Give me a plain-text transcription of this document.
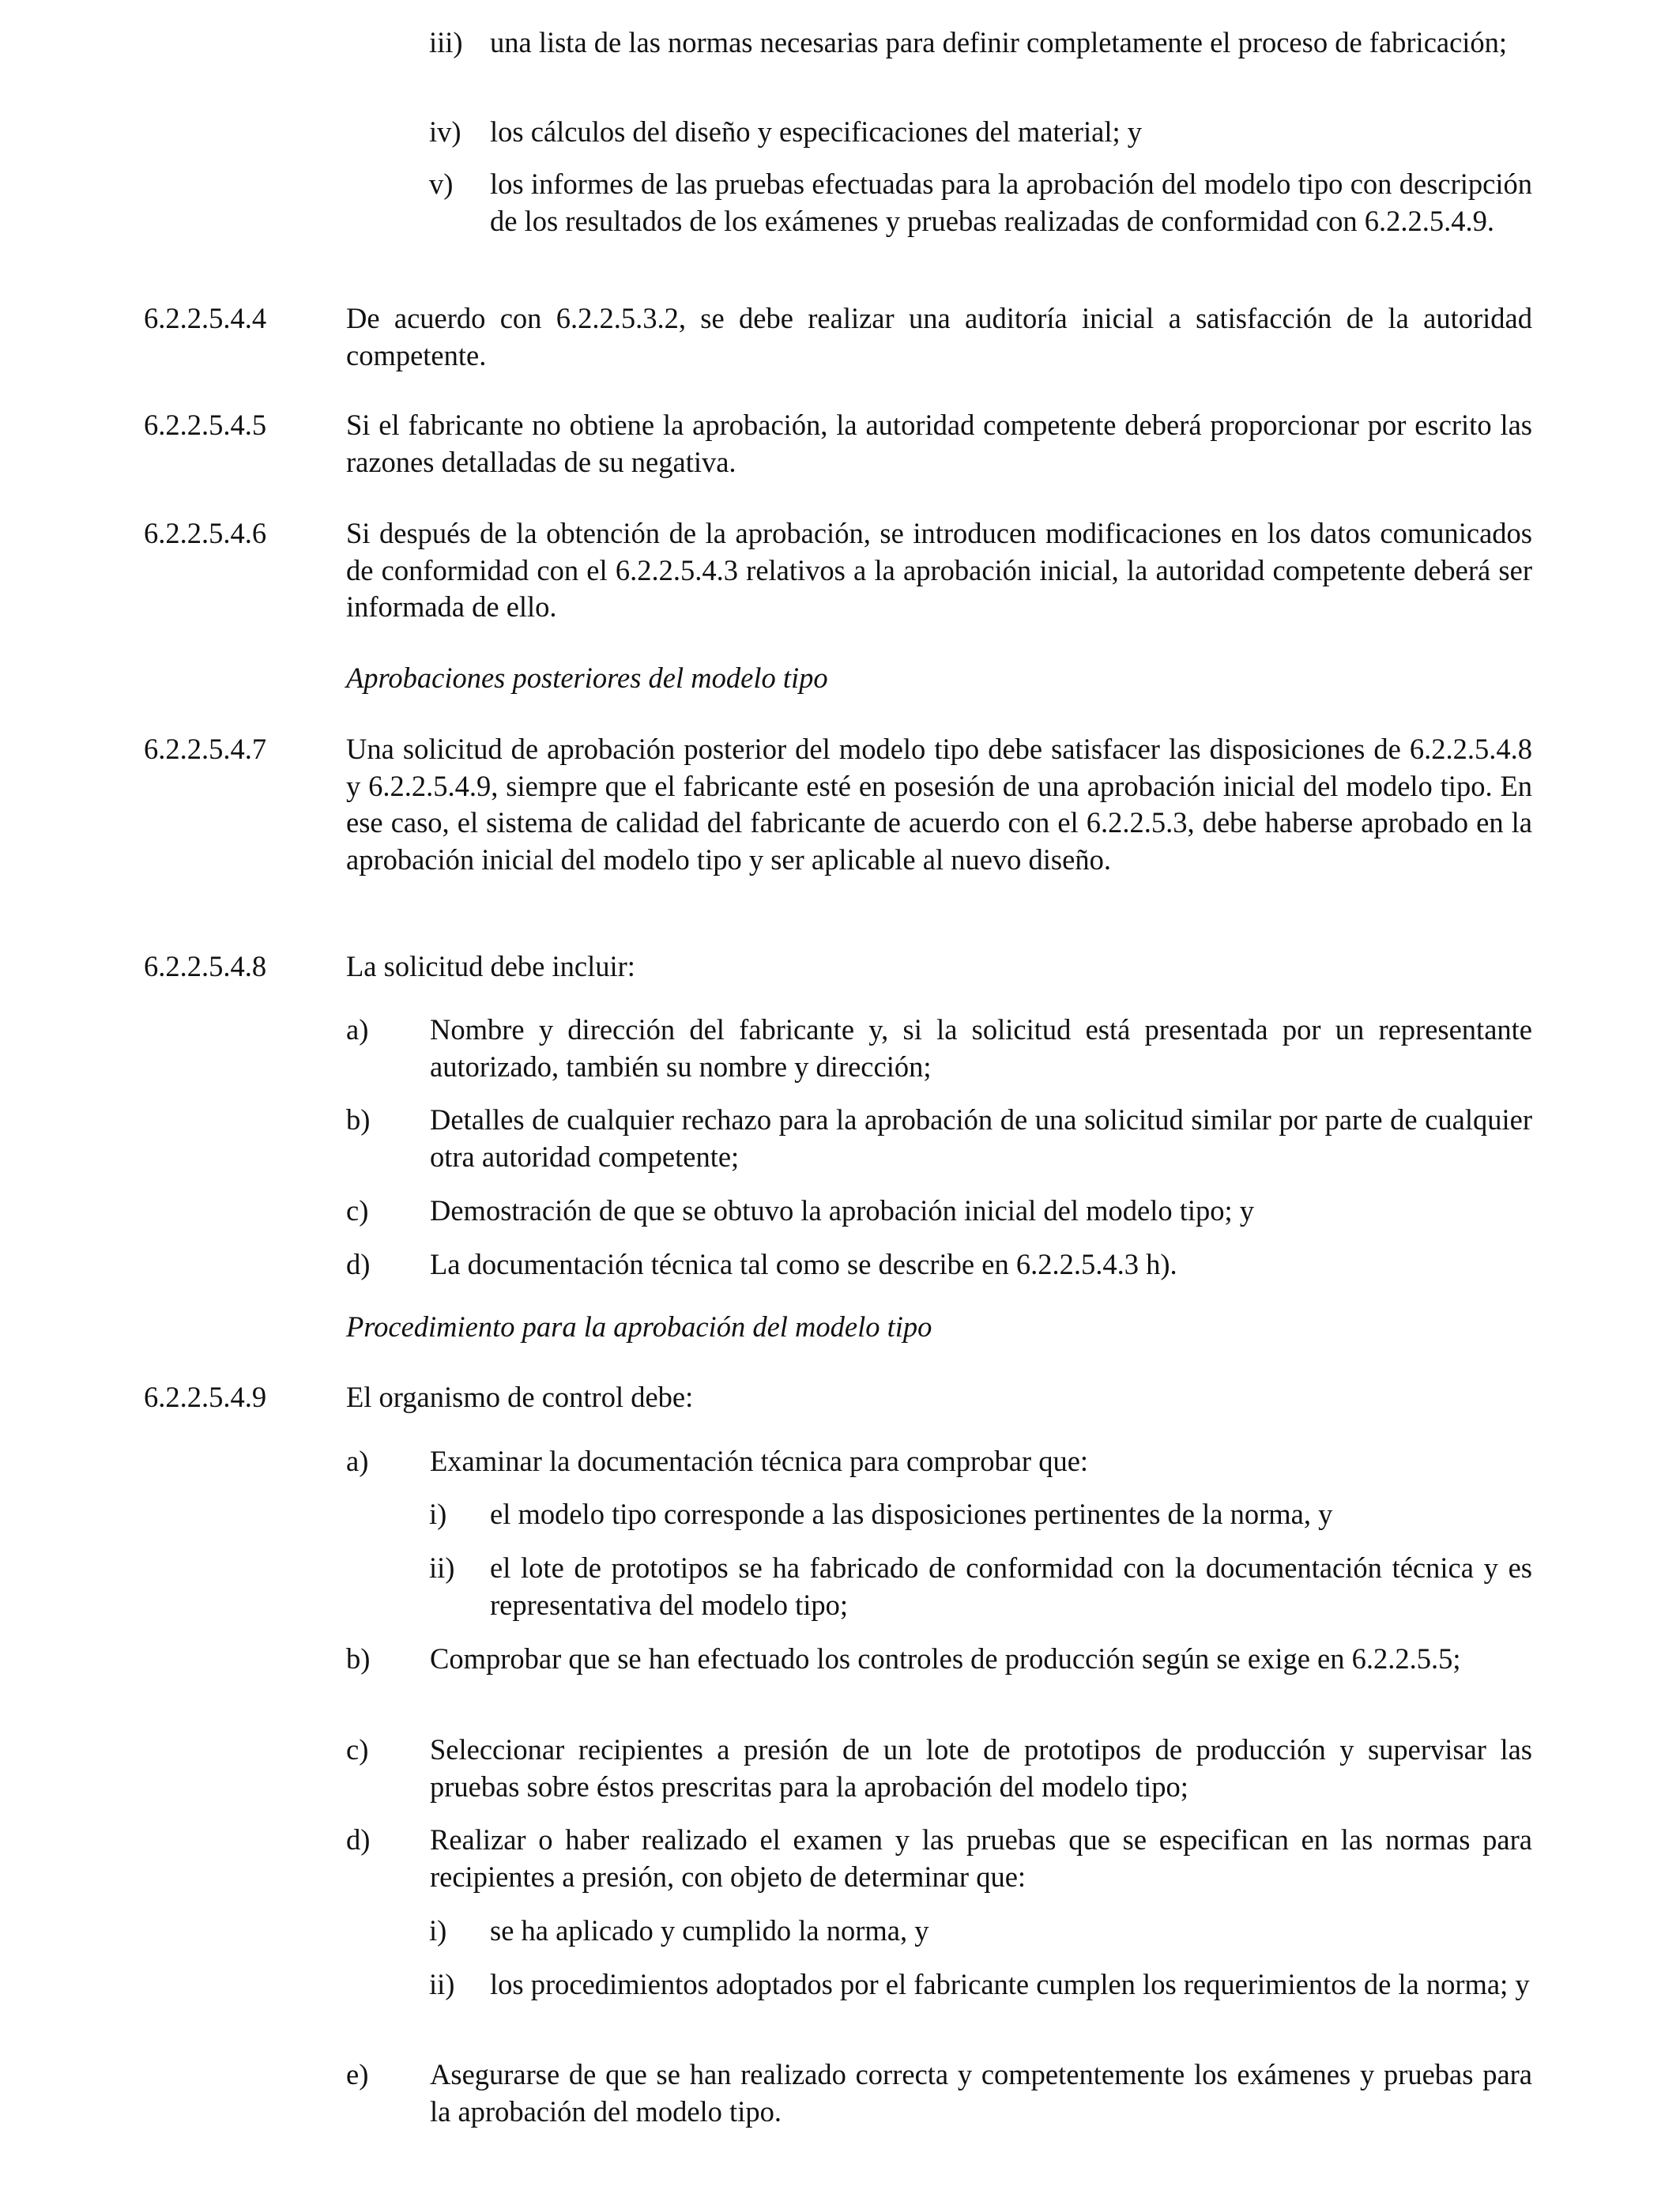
iii) una lista de las normas necesarias para definir completamente el proceso de fabricación;
iv) los cálculos del diseño y especificaciones del material; y
v) los informes de las pruebas efectuadas para la aprobación del modelo tipo con descripción de los resultados de los exámenes y pruebas realizadas de conformidad con 6.2.2.5.4.9.
6.2.2.5.4.4	De acuerdo con 6.2.2.5.3.2, se debe realizar una auditoría inicial a satisfacción de la autoridad competente.
6.2.2.5.4.5	Si el fabricante no obtiene la aprobación, la autoridad competente deberá proporcionar por escrito las razones detalladas de su negativa.
6.2.2.5.4.6	Si después de la obtención de la aprobación, se introducen modificaciones en los datos comunicados de conformidad con el 6.2.2.5.4.3 relativos a la aprobación inicial, la autoridad competente deberá ser informada de ello.
Aprobaciones posteriores del modelo tipo
6.2.2.5.4.7	Una solicitud de aprobación posterior del modelo tipo debe satisfacer las disposiciones de 6.2.2.5.4.8 y 6.2.2.5.4.9, siempre que el fabricante esté en posesión de una aprobación inicial del modelo tipo. En ese caso, el sistema de calidad del fabricante de acuerdo con el 6.2.2.5.3, debe haberse aprobado en la aprobación inicial del modelo tipo y ser aplicable al nuevo diseño.
6.2.2.5.4.8	La solicitud debe incluir:
a) Nombre y dirección del fabricante y, si la solicitud está presentada por un representante autorizado, también su nombre y dirección;
b) Detalles de cualquier rechazo para la aprobación de una solicitud similar por parte de cualquier otra autoridad competente;
c) Demostración de que se obtuvo la aprobación inicial del modelo tipo; y
d) La documentación técnica tal como se describe en 6.2.2.5.4.3 h).
Procedimiento para la aprobación del modelo tipo
6.2.2.5.4.9	El organismo de control debe:
a) Examinar la documentación técnica para comprobar que:
i) el modelo tipo corresponde a las disposiciones pertinentes de la norma, y
ii) el lote de prototipos se ha fabricado de conformidad con la documentación técnica y es representativa del modelo tipo;
b) Comprobar que se han efectuado los controles de producción según se exige en 6.2.2.5.5;
c) Seleccionar recipientes a presión de un lote de prototipos de producción y supervisar las pruebas sobre éstos prescritas para la aprobación del modelo tipo;
d) Realizar o haber realizado el examen y las pruebas que se especifican en las normas para recipientes a presión, con objeto de determinar que:
i) se ha aplicado y cumplido la norma, y
ii) los procedimientos adoptados por el fabricante cumplen los requerimientos de la norma; y
e) Asegurarse de que se han realizado correcta y competentemente los exámenes y pruebas para la aprobación del modelo tipo.
